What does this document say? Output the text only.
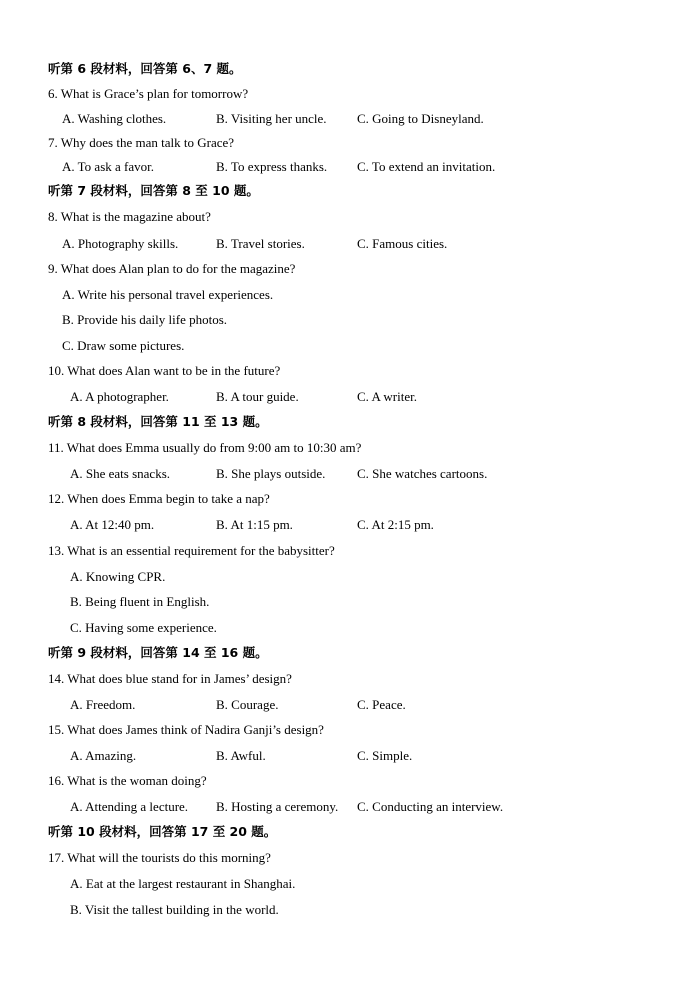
听第 6 段材料，回答第 6、7 题。
6. What is Grace’s plan for tomorrow?
A. Washing clothes.	B. Visiting her uncle. C. Going to Disneyland.
7. Why does the man talk to Grace?
A. To ask a favor.	B. To express thanks. C. To extend an invitation.
听第 7 段材料，回答第 8 至 10 题。
8. What is the magazine about?
A. Photography skills.	B. Travel stories.	C. Famous cities.
9. What does Alan plan to do for the magazine?
A. Write his personal travel experiences.
B. Provide his daily life photos.
C. Draw some pictures.
10. What does Alan want to be in the future?
A. A photographer.	B. A tour guide.	C. A writer.
听第 8 段材料，回答第 11 至 13 题。
11. What does Emma usually do from 9:00 am to 10:30 am?
A. She eats snacks.	B. She plays outside. C. She watches cartoons.
12. When does Emma begin to take a nap?
A. At 12:40 pm.	B. At 1:15 pm.	C. At 2:15 pm.
13. What is an essential requirement for the babysitter?
A. Knowing CPR.
B. Being fluent in English.
C. Having some experience.
听第 9 段材料，回答第 14 至 16 题。
14. What does blue stand for in James’ design?
A. Freedom.	B. Courage.	C. Peace.
15. What does James think of Nadira Ganji’s design?
A. Amazing.	B. Awful.	C. Simple.
16. What is the woman doing?
A. Attending a lecture. B. Hosting a ceremony. C. Conducting an interview.
听第 10 段材料，回答第 17 至 20 题。
17. What will the tourists do this morning?
A. Eat at the largest restaurant in Shanghai.
B. Visit the tallest building in the world.
